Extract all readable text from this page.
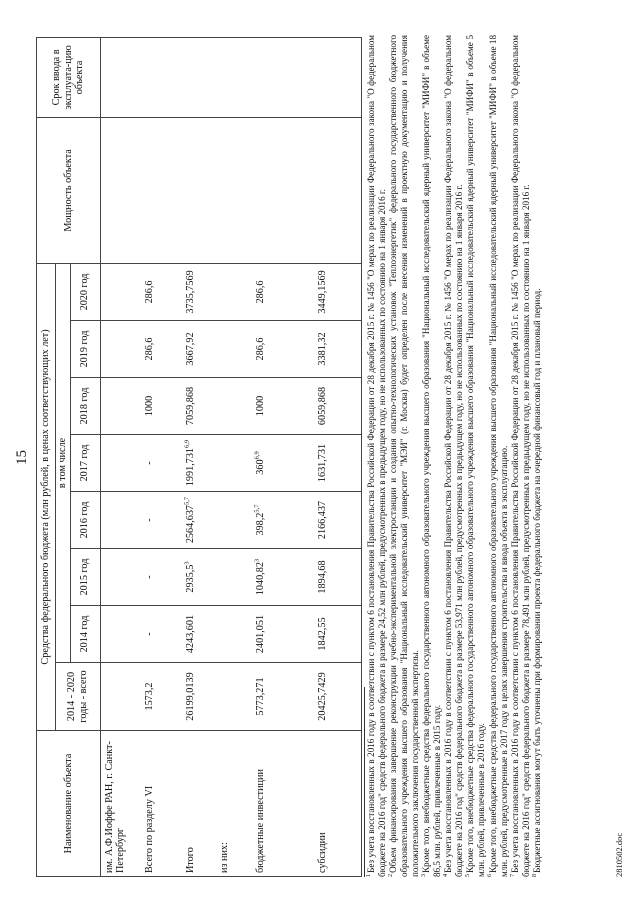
15
Наименование объекта	Средства федерального бюджета (млн рублей, в ценах соответствующих лет)								Мощность объекта	Срок ввода в эксплуата-цию объекта
	2014 - 2020 годы - всего	в том числе								
		2014 год	2015 год	2016 год	2017 год	2018 год	2019 год	2020 год		
им. А.Ф.Иоффе РАН, г. Санкт-Петербург										
Всего по разделу VI	1573,2	-	-	-	-	1000	286,6	286,6		
Итого	26199,0139	4243,601	2935,5$^3$	2564,637$^{5,7}$	1991,731$^{6,9}$	7059,868	3667,92	3735,7569		
из них:										
бюджетные инвестиции	5773,271	2401,051	1040,82$^3$	398,2$^{5,7}$	360$^{6,9}$	1000	286,6	286,6		
субсидии	20425,7429	1842,55	1894,68	2166,437	1631,731	6059,868	3381,32	3449,1569		
$^1$Без учета восстановленных в 2016 году в соответствии с пунктом 6 постановления Правительства Российской Федерации от 28 декабря 2015 г. № 1456 "О мерах по реализации Федерального закона "О федеральном бюджете на 2016 год" средств федерального бюджета в размере 24,52 млн рублей, предусмотренных в предыдущем году, но не использованных по состоянию на 1 января 2016 г. $^2$Объем финансирования завершение реконструкции учебно-экспериментальной электростанции и создания опытно-технологических установок "Теплоэнергетик" федерального государственного бюджетного образовательного учреждения высшего образования "Национальный исследовательский университет "МЭИ" (г. Москва) будет определен после внесения изменений в проектную документацию и получения положительного заключения государственной экспертизы. $^3$Кроме того, внебюджетные средства федерального государственного автономного образовательного учреждения высшего образования "Национальный исследовательский ядерный университет "МИФИ" в объеме 86,5 млн. рублей, привлеченные в 2015 году. $^4$Без учета восстановленных в 2016 году в соответствии с пунктом 6 постановления Правительства Российской Федерации от 28 декабря 2015 г. № 1456 "О мерах по реализации Федерального закона "О федеральном бюджете на 2016 год" средств федерального бюджета в размере 53,971 млн рублей, предусмотренных в предыдущем году, но не использованных по состоянию на 1 января 2016 г. $^5$Кроме того, внебюджетные средства федерального государственного автономного образовательного учреждения высшего образования "Национальный исследовательский ядерный университет "МИФИ" в объеме 5 млн. рублей, привлеченные в 2016 году. $^6$Кроме того, внебюджетные средства федерального государственного автономного образовательного учреждения высшего образования "Национальный исследовательский ядерный университет "МИФИ" в объеме 18 млн. рублей, предусмотренные в 2017 году в целях завершения строительства и ввода объекта в эксплуатацию. $^7$Без учета восстановленных в 2016 году в соответствии с пунктом 6 постановления Правительства Российской Федерации от 28 декабря 2015 г. № 1456 "О мерах по реализации Федерального закона "О федеральном бюджете на 2016 год" средств федерального бюджета в размере 78,491 млн рублей, предусмотренных в предыдущем году, но не использованных по состоянию на 1 января 2016 г. $^8$Бюджетные ассигнования могут быть уточнены при формировании проекта федерального бюджета на очередной финансовый год и плановый период.	2810502.doc
